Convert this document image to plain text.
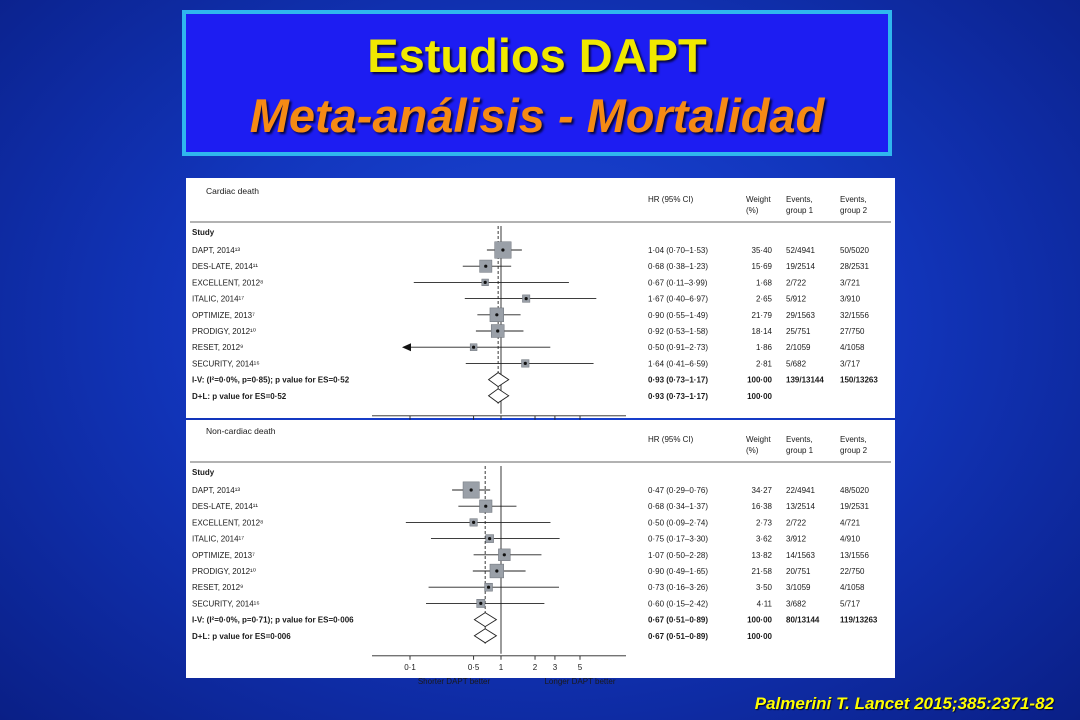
Estudios DAPT
Meta-análisis - Mortalidad
Cardiac death
HR (95% CI)	Weight
(%)
Events,
group 1
Events,
group 2
Study
DAPT, 2014¹³	1·04 (0·70–1·53)	35·40 52/4941	50/5020
DES-LATE, 2014¹¹	0·68 (0·38–1·23)	15·69 19/2514	28/2531
EXCELLENT, 2012⁸	0·67 (0·11–3·99)	1·68 2/722	3/721
ITALIC, 2014¹⁷	1·67 (0·40–6·97)	2·65 5/912	3/910
OPTIMIZE, 2013⁷	0·90 (0·55–1·49)	21·79 29/1563	32/1556
PRODIGY, 2012¹⁰	0·92 (0·53–1·58)	18·14 25/751	27/750
RESET, 2012⁹	0·50 (0·91–2·73)	1·86 2/1059	4/1058
SECURITY, 2014¹⁶	1·64 (0·41–6·59)	2·81 5/682	3/717
I-V: (I²=0·0%, p=0·85); p value for ES=0·52	0·93 (0·73–1·17)	100·00 139/13144 150/13263
D+L: p value for ES=0·52	0·93 (0·73–1·17)	100·00
Non-cardiac death
HR (95% CI)	Weight
(%)
Events,
group 1
Events,
group 2
Study
DAPT, 2014¹³	0·47 (0·29–0·76)	34·27 22/4941	48/5020
DES-LATE, 2014¹¹	0·68 (0·34–1·37)	16·38 13/2514	19/2531
EXCELLENT, 2012⁸	0·50 (0·09–2·74)	2·73 2/722	4/721
ITALIC, 2014¹⁷	0·75 (0·17–3·30)	3·62 3/912	4/910
OPTIMIZE, 2013⁷	1·07 (0·50–2·28)	13·82 14/1563	13/1556
PRODIGY, 2012¹⁰	0·90 (0·49–1·65)	21·58 20/751	22/750
RESET, 2012⁹	0·73 (0·16–3·26)	3·50 3/1059	4/1058
SECURITY, 2014¹⁶	0·60 (0·15–2·42)	4·11 3/682	5/717
I-V: (I²=0·0%, p=0·71); p value for ES=0·006	0·67 (0·51–0·89)	100·00 80/13144	119/13263
D+L: p value for ES=0·006	0·67 (0·51–0·89)	100·00
0·1	0·5 1	2 3	5
Shorter DAPT better	Longer DAPT better
Palmerini T. Lancet 2015;385:2371-82
